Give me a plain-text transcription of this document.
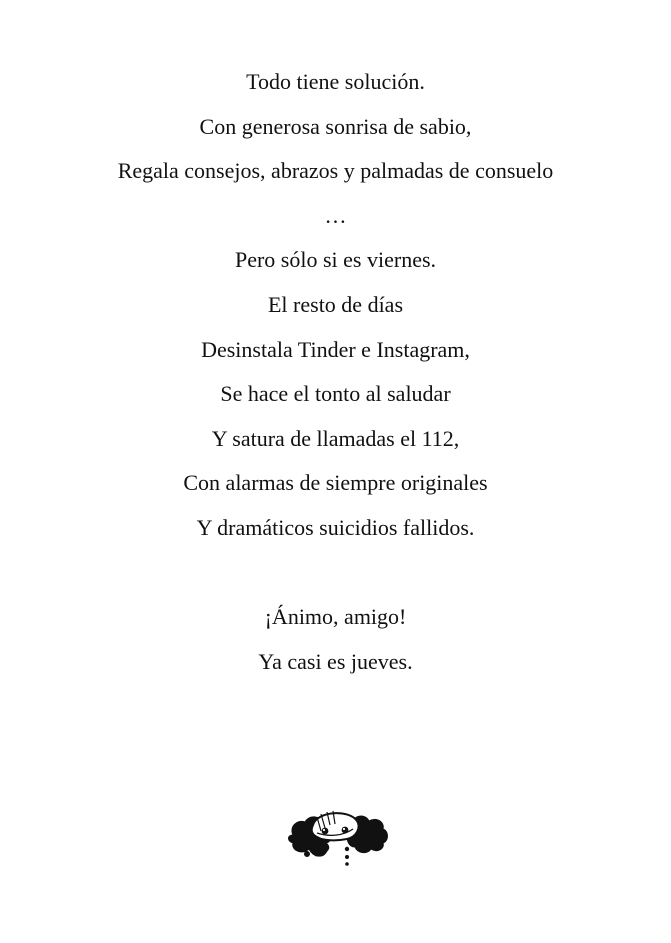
Todo tiene solución.
Con generosa sonrisa de sabio,
Regala consejos, abrazos y palmadas de consuelo
…
Pero sólo si es viernes.
El resto de días
Desinstala Tinder e Instagram,
Se hace el tonto al saludar
Y satura de llamadas el 112,
Con alarmas de siempre originales
Y dramáticos suicidios fallidos.
¡Ánimo, amigo!
Ya casi es jueves.
